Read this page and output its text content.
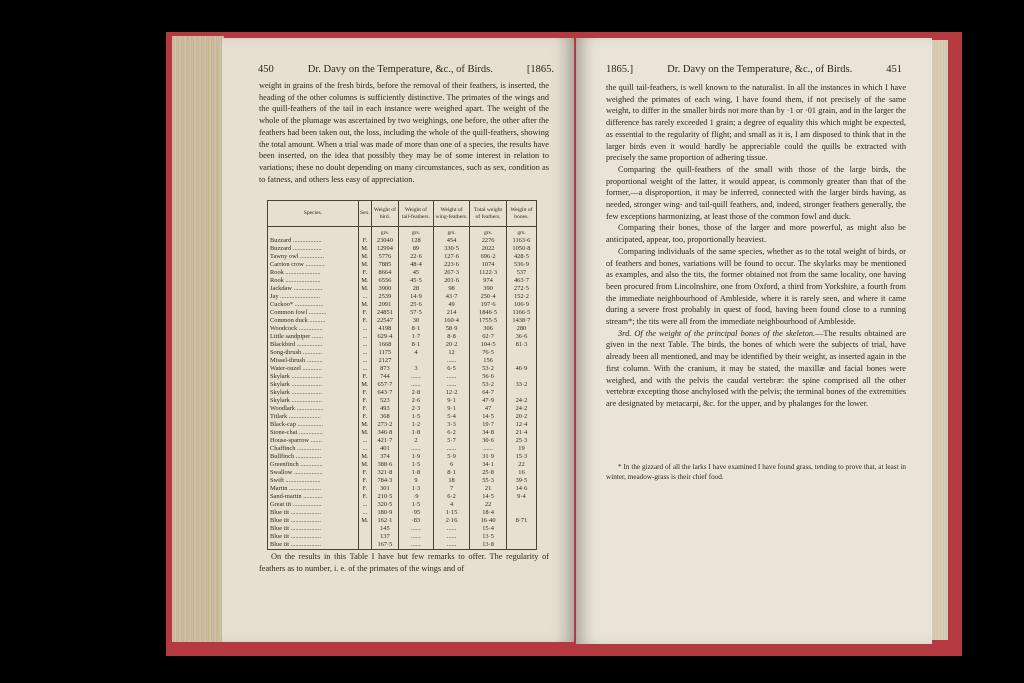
450	Dr. Davy on the Temperature, &c., of Birds.	[1865.

weight in grains of the fresh birds, before the removal of their feathers, is inserted, the heading of the other columns is sufficiently distinctive. The primates of the wings and the quill-feathers of the tail in each instance were weighed apart. The weight of the whole of the plumage was ascertained by two weighings, one before, the other after the feathers had been taken out, the loss, including the whole of the quill-feathers, showing the total amount. When a trial was made of more than one of a species, the results have been inserted, on the idea that possibly they may be of some interest in relation to variations; these no doubt depending on many circumstances, such as sex, condition as to fatness, and others less easy of appreciation.

Species.	Sex.	Weight of bird.	Weight of tail-feathers.	Weight of wing-feathers.	Total weight of feathers.	Weight of bones.
		grs.	grs.	grs.	grs.	grs.
Buzzard ..................	F.	23040	128	454	2276	1163·6
Buzzard ..................	M.	12994	89	330·5	2022	1050·8
Tawny owl ...............	M.	5776	22·6	127·6	696·2	428·5
Carrion crow ............	M.	7885	48·4	223·6	1074	536·9
Rook ......................	F.	8664	45	267·3	1122·3	537
Rook ......................	M.	6556	45·5	201·6	974	463·7
Jackdaw ..................	M.	3900	28	98	390	272·5
Jay .........................	...	2539	14·9	43·7	250·4	152·2
Cuckoo* ..................	M.	2091	25·6	49	197·6	106·9
Common fowl ...........	F.	24851	57·5	214	1846·5	1166·5
Common duck ..........	F.	22547	30	160·4	1755·5	1438·7
Woodcock ...............	...	4198	8·1	58·9	306	280
Little sandpiper .......	...	629·4	1·7	8·8	62·7	36·6
Blackbird ................	...	1668	8·1	20·2	104·5	81·3
Song-thrush ............	...	1175	4	12	76·5	
Missel-thrush ..........	...	2127		......	156	
Water-ouzel ............	...	873	3	6·5	53·2	46·9
Skylark ...................	F.	744	......	......	56·6	
Skylark ...................	M.	657·7	......	......	53·2	33·2
Skylark ...................	F.	643·7	2·8	12·2	64·7	
Skylark ...................	F.	523	2·6	9·1	47·9	24·2
Woodlark .................	F.	493	2·3	9·1	47	24·2
Titlark ....................	F.	368	1·5	5·4	14·5	20·2
Black-cap ................	M.	273·2	1·2	3·3	19·7	12·4
Stone-chat ...............	M.	346·8	1·8	6·2	34·8	21·4
House-sparrow .......	...	421·7	2	5·7	30·6	25·3
Chaffinch ...............	...	401	......	......	......	19
Bullfinch ................	M.	374	1·9	5·9	31·9	15·3
Greenfinch ..............	M.	388·6	1·5	6	34·1	22
Swallow ..................	F.	321·8	1·8	8·1	25·8	16
Swift ......................	F.	784·3	9	18	55·3	39·5
Martin ....................	F.	301	1·3	7	21	14·6
Sand-martin ............	F.	210·5	·9	6·2	14·5	9·4
Great tit ..................	...	320·5	1·5	4	22	
Blue tit ...................	...	180·9	·95	1·15	18·4	
Blue tit ...................	M.	162·1	·83	2·16	16·40	8·71
Blue tit ...................		145	......	......	15·4	
Blue tit ...................		137	......	......	13·5	
Blue tit ...................		167·5	......	......	13·8	

On the results in this Table I have but few remarks to offer. The regularity of feathers as to number, i. e. of the primates of the wings and of

1865.]	Dr. Davy on the Temperature, &c., of Birds.	451

the quill tail-feathers, is well known to the naturalist. In all the instances in which I have weighed the primates of each wing, I have found them, if not precisely of the same weight, to differ in the smaller birds not more than by ·1 or ·01 grain, and in the larger the difference has rarely exceeded 1 grain; a degree of equality this which might be expected, as essential to the regularity of flight; and small as it is, I am disposed to think that in the larger birds even it would hardly be appreciable could the quills be extracted with precisely the same proportion of adhering tissue.

Comparing the quill-feathers of the small with those of the large birds, the proportional weight of the latter, it would appear, is commonly greater than that of the former,—a disproportion, it may be inferred, connected with the larger birds having, as needed, stronger wing- and tail-quill feathers, and, indeed, stronger feathers generally, the few exceptions harmonizing, at least those of the common fowl and duck.

Comparing their bones, those of the larger and more powerful, as might also be anticipated, appear, too, proportionally heaviest.

Comparing individuals of the same species, whether as to the total weight of birds, or of feathers and bones, variations will be found to occur. The skylarks may be mentioned as examples, and also the tits, the former obtained not from the same locality, one having been procured from Lincolnshire, one from Oxford, a third from Yorkshire, a fourth from the immediate neighbourhood of Ambleside, where it is rarely seen, and where it came during a severe frost probably in quest of food, having been found close to a running stream*; the tits were all from the immediate neighbourhood of Ambleside.

3rd. Of the weight of the principal bones of the skeleton.—The results obtained are given in the next Table. The birds, the bones of which were the subjects of trial, have already been all mentioned, and may be identified by their weight, as inserted again in the first column. With the cranium, it may be stated, the maxillæ and facial bones were weighed, and with the pelvis the caudal vertebræ: the spine comprised all the other vertebræ excepting those anchylosed with the pelvis; the terminal bones of the extremities are designated by metacarpi, &c. for the upper, and by phalanges for the lower.

* In the gizzard of all the larks I have examined I have found grass, tending to prove that, at least in winter, meadow-grass is their chief food.
